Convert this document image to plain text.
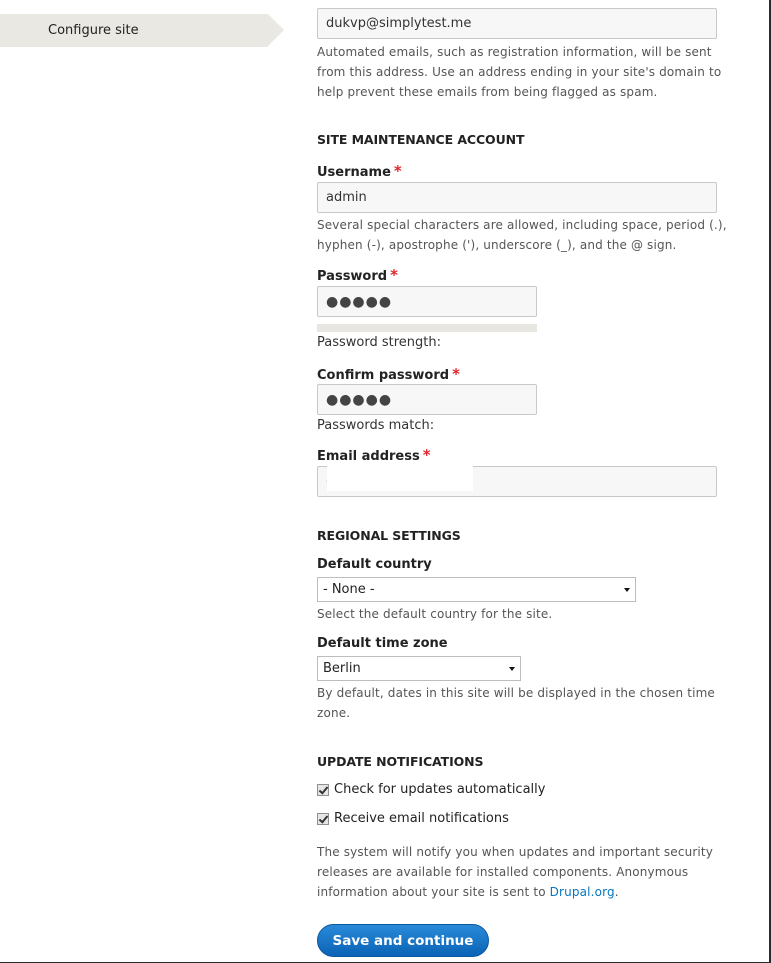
Configure site	dukvp@simplytest.me
Automated emails, such as registration information, will be sent from this address. Use an address ending in your site's domain to help prevent these emails from being flagged as spam.
SITE MAINTENANCE ACCOUNT
Username *
admin
Several special characters are allowed, including space, period (.), hyphen (-), apostrophe ('), underscore (_), and the @ sign.
Password *
●●●●●
Password strength:
Confirm password *
●●●●●
Passwords match:
Email address *
REGIONAL SETTINGS
Default country
- None -
Select the default country for the site.
Default time zone
Berlin
By default, dates in this site will be displayed in the chosen time zone.
UPDATE NOTIFICATIONS
Check for updates automatically
Receive email notifications
The system will notify you when updates and important security releases are available for installed components. Anonymous information about your site is sent to Drupal.org.
Save and continue
